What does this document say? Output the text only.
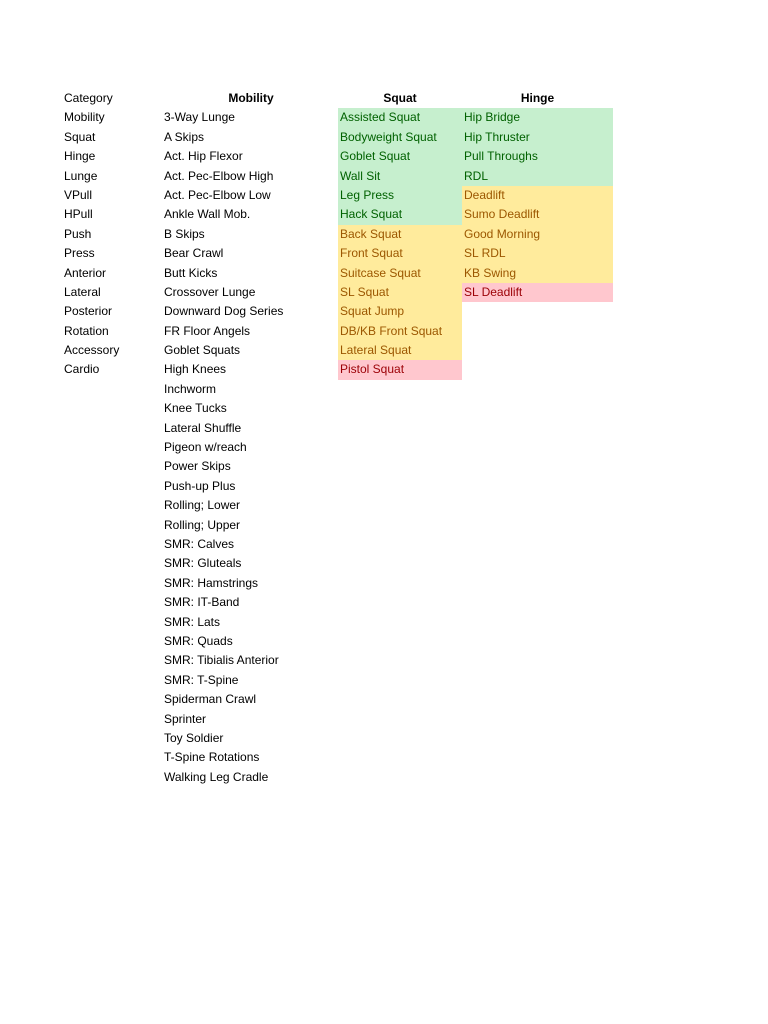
Category
Mobility
Squat
Hinge
Lunge
VPull
HPull
Push
Press
Anterior
Lateral
Posterior
Rotation
Accessory
Cardio
Mobility
3-Way Lunge
A Skips
Act. Hip Flexor
Act. Pec-Elbow High
Act. Pec-Elbow Low
Ankle Wall Mob.
B Skips
Bear Crawl
Butt Kicks
Crossover Lunge
Downward Dog Series
FR Floor Angels
Goblet Squats
High Knees
Inchworm
Knee Tucks
Lateral Shuffle
Pigeon w/reach
Power Skips
Push-up Plus
Rolling; Lower
Rolling; Upper
SMR: Calves
SMR: Gluteals
SMR: Hamstrings
SMR: IT-Band
SMR: Lats
SMR: Quads
SMR: Tibialis Anterior
SMR: T-Spine
Spiderman Crawl
Sprinter
Toy Soldier
T-Spine Rotations
Walking Leg Cradle
Squat
Assisted Squat
Bodyweight Squat
Goblet Squat
Wall Sit
Leg Press
Hack Squat
Back Squat
Front Squat
Suitcase Squat
SL Squat
Squat Jump
DB/KB Front Squat
Lateral Squat
Pistol Squat
Hinge
Hip Bridge
Hip Thruster
Pull Throughs
RDL
Deadlift
Sumo Deadlift
Good Morning
SL RDL
KB Swing
SL Deadlift
